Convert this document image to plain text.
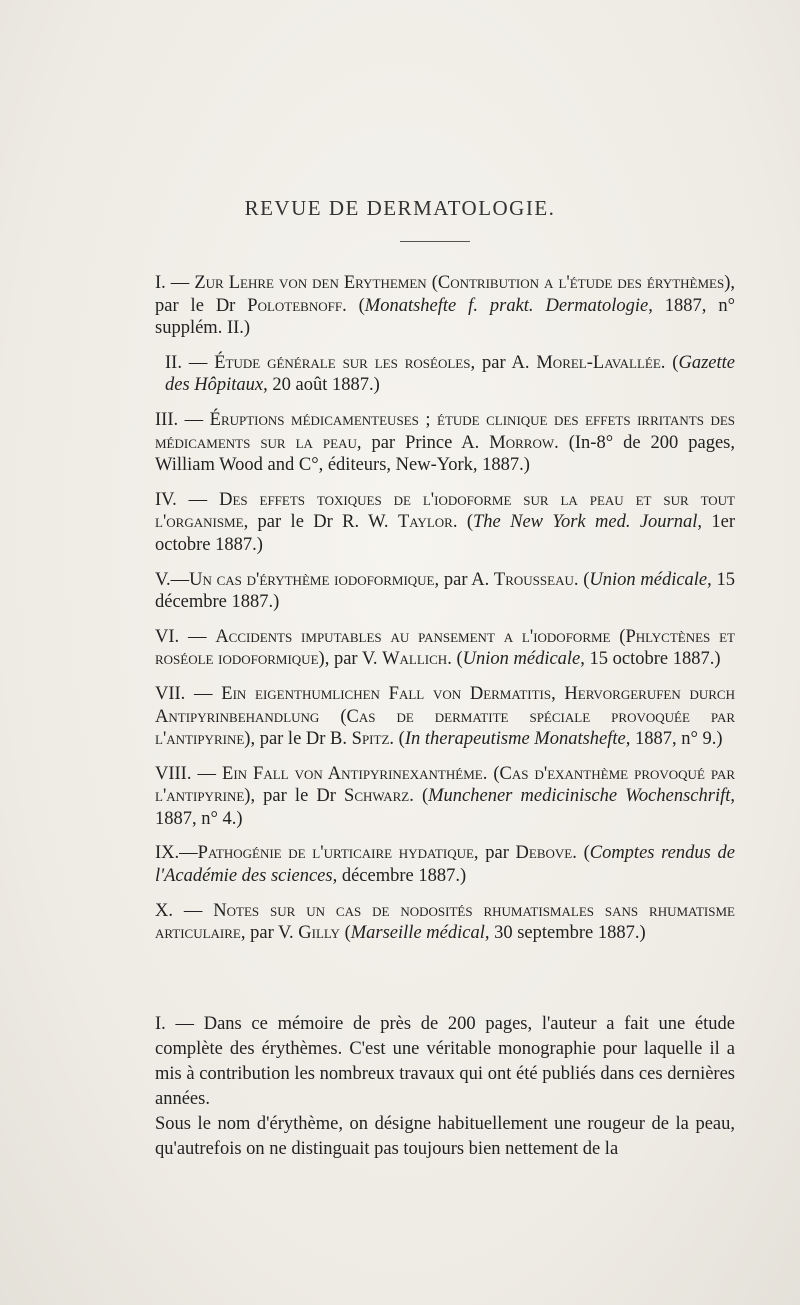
REVUE DE DERMATOLOGIE.
I. — Zur Lehre von den Erythemen (Contribution a l'étude des érythèmes), par le Dr Polotebnoff. (Monatshefte f. prakt. Dermatologie, 1887, n° supplém. II.)
II. — Étude générale sur les roséoles, par A. Morel-Lavallée. (Gazette des Hôpitaux, 20 août 1887.)
III. — Éruptions médicamenteuses ; étude clinique des effets irritants des médicaments sur la peau, par Prince A. Morrow. (In-8° de 200 pages, William Wood and C°, éditeurs, New-York, 1887.)
IV. — Des effets toxiques de l'iodoforme sur la peau et sur tout l'organisme, par le Dr R. W. Taylor. (The New York med. Journal, 1er octobre 1887.)
V.—Un cas d'érythème iodoformique, par A. Trousseau. (Union médicale, 15 décembre 1887.)
VI. — Accidents imputables au pansement a l'iodoforme (Phlyctènes et roséole iodoformique), par V. Wallich. (Union médicale, 15 octobre 1887.)
VII. — Ein eigenthumlichen Fall von Dermatitis, Hervorgerufen durch Antipyrinbehandlung (Cas de dermatite spéciale provoquée par l'antipyrine), par le Dr B. Spitz. (In therapeutisme Monatshefte, 1887, n° 9.)
VIII. — Ein Fall von Antipyrinexanthéme. (Cas d'exanthème provoqué par l'antipyrine), par le Dr Schwarz. (Munchener medicinische Wochenschrift, 1887, n° 4.)
IX.—Pathogénie de l'urticaire hydatique, par Debove. (Comptes rendus de l'Académie des sciences, décembre 1887.)
X. — Notes sur un cas de nodosités rhumatismales sans rhumatisme articulaire, par V. Gilly (Marseille médical, 30 septembre 1887.)

I. — Dans ce mémoire de près de 200 pages, l'auteur a fait une étude complète des érythèmes. C'est une véritable monographie pour laquelle il a mis à contribution les nombreux travaux qui ont été publiés dans ces dernières années.

Sous le nom d'érythème, on désigne habituellement une rougeur de la peau, qu'autrefois on ne distinguait pas toujours bien nettement de la
